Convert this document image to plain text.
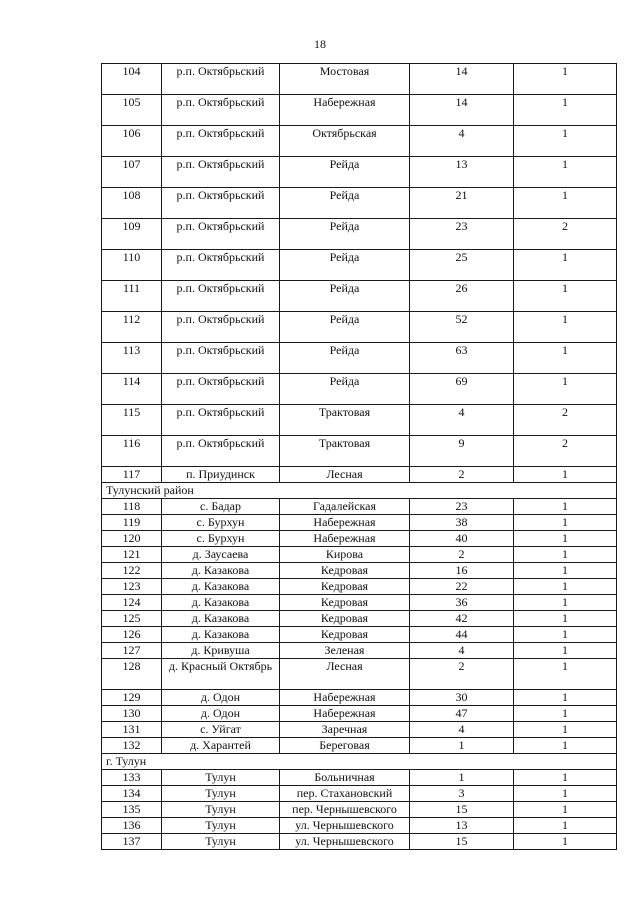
18
104	р.п. Октябрьский	Мостовая	14	1
105	р.п. Октябрьский	Набережная	14	1
106	р.п. Октябрьский	Октябрьская	4	1
107	р.п. Октябрьский	Рейда	13	1
108	р.п. Октябрьский	Рейда	21	1
109	р.п. Октябрьский	Рейда	23	2
110	р.п. Октябрьский	Рейда	25	1
111	р.п. Октябрьский	Рейда	26	1
112	р.п. Октябрьский	Рейда	52	1
113	р.п. Октябрьский	Рейда	63	1
114	р.п. Октябрьский	Рейда	69	1
115	р.п. Октябрьский	Трактовая	4	2
116	р.п. Октябрьский	Трактовая	9	2
117	п. Приудинск	Лесная	2	1
Тулунский район				
118	с. Бадар	Гадалейская	23	1
119	с. Бурхун	Набережная	38	1
120	с. Бурхун	Набережная	40	1
121	д. Заусаева	Кирова	2	1
122	д. Казакова	Кедровая	16	1
123	д. Казакова	Кедровая	22	1
124	д. Казакова	Кедровая	36	1
125	д. Казакова	Кедровая	42	1
126	д. Казакова	Кедровая	44	1
127	д. Кривуша	Зеленая	4	1
128	д. Красный Октябрь	Лесная	2	1
129	д. Одон	Набережная	30	1
130	д. Одон	Набережная	47	1
131	с. Уйгат	Заречная	4	1
132	д. Харантей	Береговая	1	1
г. Тулун				
133	Тулун	Больничная	1	1
134	Тулун	пер. Стахановский	3	1
135	Тулун	пер. Чернышевского	15	1
136	Тулун	ул. Чернышевского	13	1
137	Тулун	ул. Чернышевского	15	1
